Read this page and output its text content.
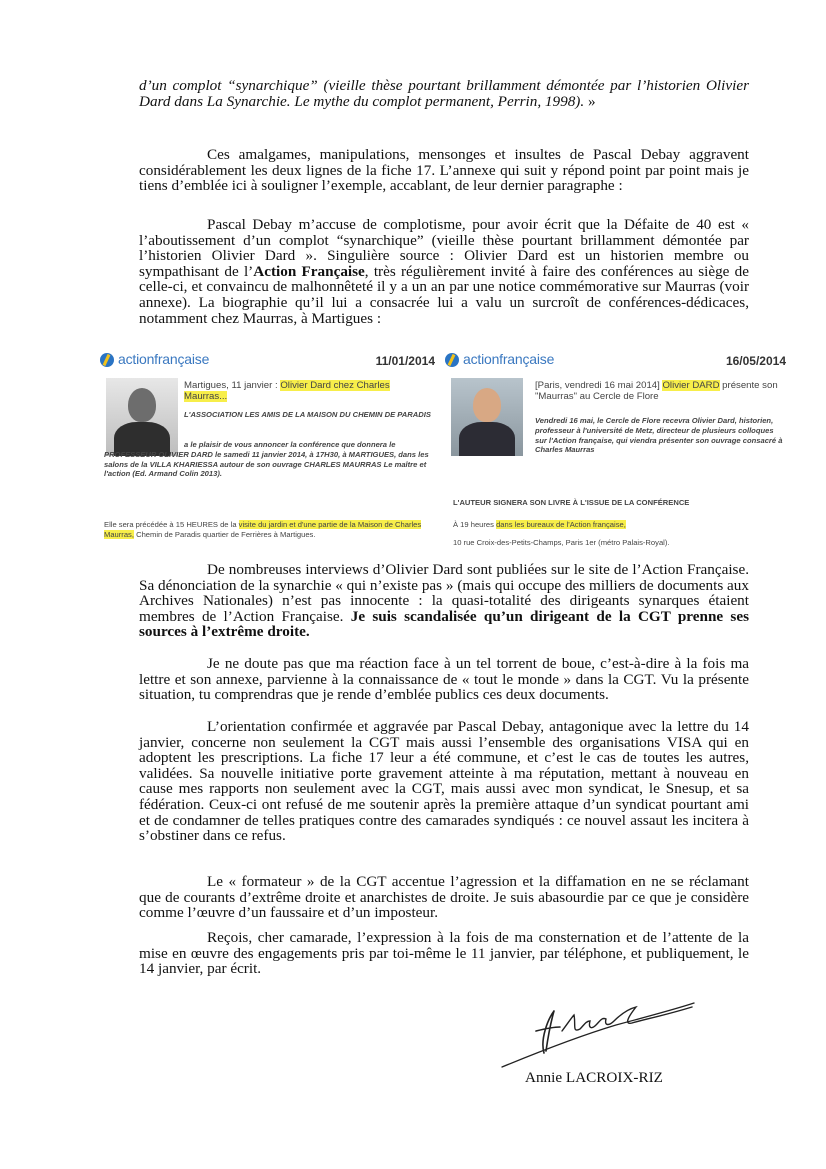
d’un complot “synarchique” (vieille thèse pourtant brillamment démontée par l’historien Olivier Dard dans La Synarchie. Le mythe du complot permanent, Perrin, 1998). »

Ces amalgames, manipulations, mensonges et insultes de Pascal Debay aggravent considérablement les deux lignes de la fiche 17. L’annexe qui suit y répond point par point mais je tiens d’emblée ici à souligner l’exemple, accablant, de leur dernier paragraphe :

Pascal Debay m’accuse de complotisme, pour avoir écrit que la Défaite de 40 est « l’aboutissement d’un complot “synarchique” (vieille thèse pourtant brillamment démontée par l’historien Olivier Dard ». Singulière source : Olivier Dard est un historien membre ou sympathisant de l’Action Française, très régulièrement invité à faire des conférences au siège de celle-ci, et convaincu de malhonnêteté il y a un an par une notice commémorative sur Maurras (voir annexe). La biographie qu’il lui a consacrée lui a valu un surcroît de conférences-dédicaces, notamment chez Maurras, à Martigues :

actionfrançaise	11/01/2014
Martigues, 11 janvier : Olivier Dard chez Charles Maurras...
L'ASSOCIATION LES AMIS DE LA MAISON DU CHEMIN DE PARADIS
a le plaisir de vous annoncer la conférence que donnera le PROFESSEUR OLIVIER DARD le samedi 11 janvier 2014, à 17H30, à MARTIGUES, dans les salons de la VILLA KHARIESSA autour de son ouvrage CHARLES MAURRAS Le maître et l'action (Ed. Armand Colin 2013).
Elle sera précédée à 15 HEURES de la visite du jardin et d'une partie de la Maison de Charles Maurras, Chemin de Paradis quartier de Ferrières à Martigues.
actionfrançaise	16/05/2014
[Paris, vendredi 16 mai 2014] Olivier DARD présente son "Maurras" au Cercle de Flore
Vendredi 16 mai, le Cercle de Flore recevra Olivier Dard, historien, professeur à l'université de Metz, directeur de plusieurs colloques sur l'Action française, qui viendra présenter son ouvrage consacré à Charles Maurras
L'AUTEUR SIGNERA SON LIVRE À L'ISSUE DE LA CONFÉRENCE
À 19 heures dans les bureaux de l'Action française,
10 rue Croix-des-Petits-Champs, Paris 1er (métro Palais-Royal).

De nombreuses interviews d’Olivier Dard sont publiées sur le site de l’Action Française. Sa dénonciation de la synarchie « qui n’existe pas » (mais qui occupe des milliers de documents aux Archives Nationales) n’est pas innocente : la quasi-totalité des dirigeants synarques étaient membres de l’Action Française. Je suis scandalisée qu’un dirigeant de la CGT prenne ses sources à l’extrême droite.

Je ne doute pas que ma réaction face à un tel torrent de boue, c’est-à-dire à la fois ma lettre et son annexe, parvienne à la connaissance de « tout le monde » dans la CGT. Vu la présente situation, tu comprendras que je rende d’emblée publics ces deux documents.

L’orientation confirmée et aggravée par Pascal Debay, antagonique avec la lettre du 14 janvier, concerne non seulement la CGT mais aussi l’ensemble des organisations VISA qui en adoptent les prescriptions. La fiche 17 leur a été commune, et c’est le cas de toutes les autres, validées. Sa nouvelle initiative porte gravement atteinte à ma réputation, mettant à nouveau en cause mes rapports non seulement avec la CGT, mais aussi avec mon syndicat, le Snesup, et sa fédération. Ceux-ci ont refusé de me soutenir après la première attaque d’un syndicat pourtant ami et de condamner de telles pratiques contre des camarades syndiqués : ce nouvel assaut les incitera à s’obstiner dans ce refus.

Le « formateur » de la CGT accentue l’agression et la diffamation en ne se réclamant que de courants d’extrême droite et anarchistes de droite. Je suis abasourdie par ce que je considère comme l’œuvre d’un faussaire et d’un imposteur.

Reçois, cher camarade, l’expression à la fois de ma consternation et de l’attente de la mise en œuvre des engagements pris par toi-même le 11 janvier, par téléphone, et publiquement, le 14 janvier, par écrit.

Annie LACROIX-RIZ
